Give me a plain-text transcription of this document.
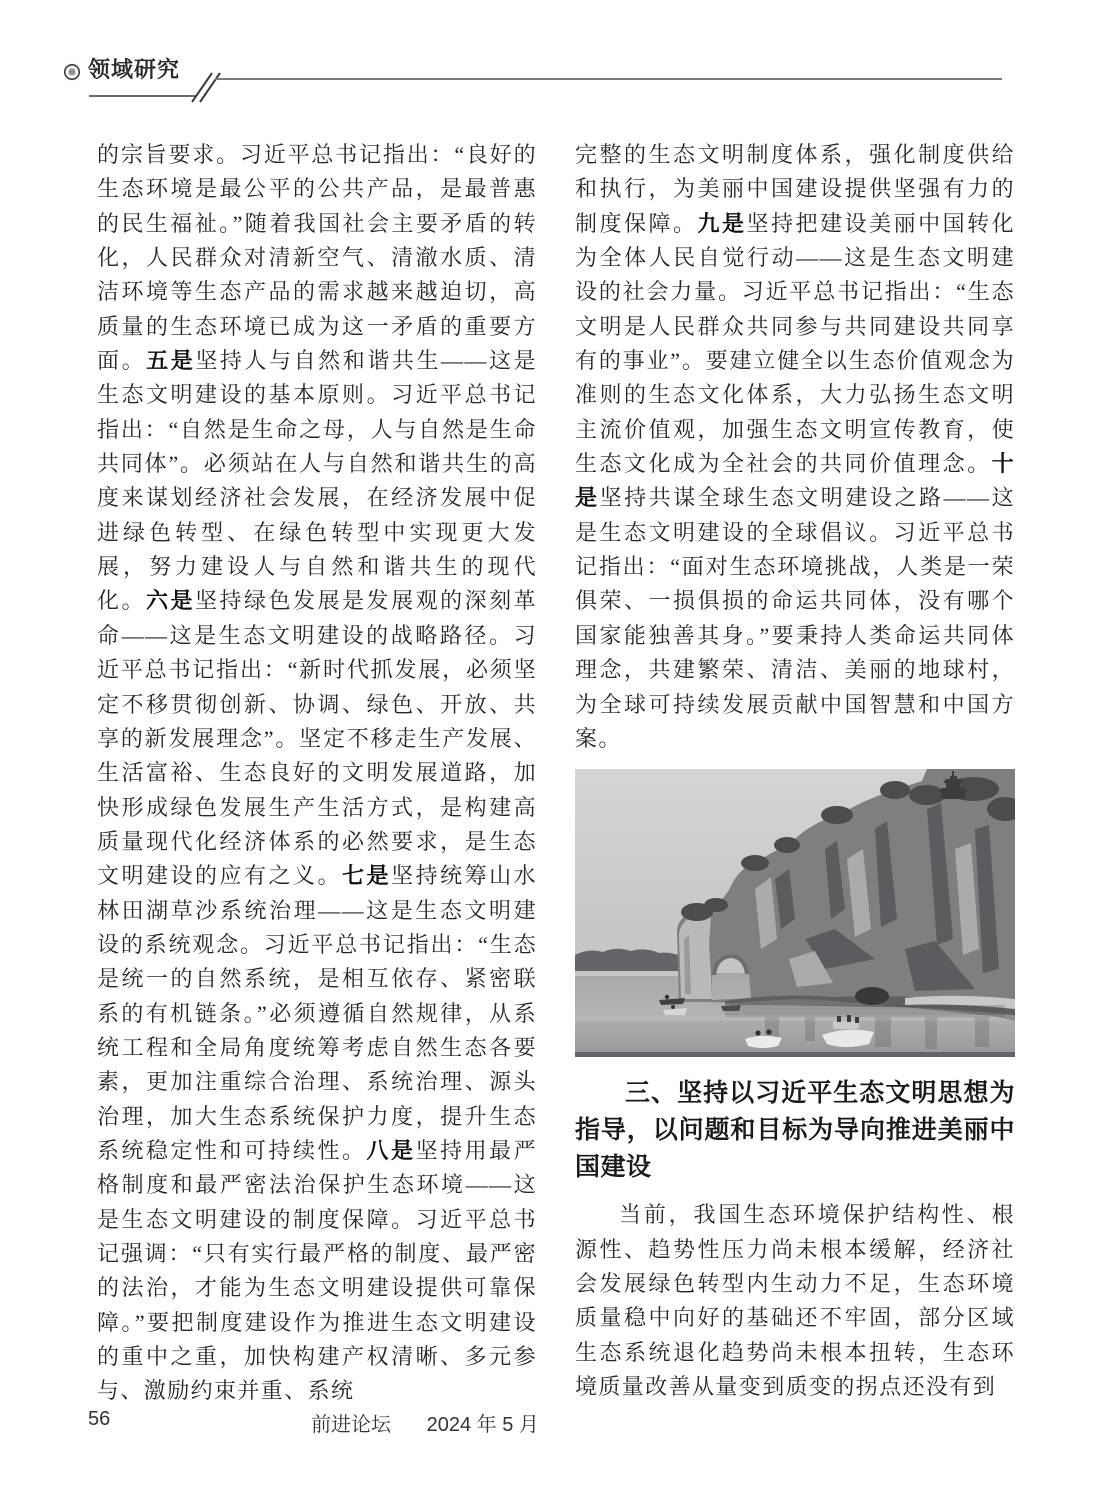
领域研究

的宗旨要求。习近平总书记指出：“良好的生态环境是最公平的公共产品，是最普惠的民生福祉。”随着我国社会主要矛盾的转化，人民群众对清新空气、清澈水质、清洁环境等生态产品的需求越来越迫切，高质量的生态环境已成为这一矛盾的重要方面。五是坚持人与自然和谐共生——这是生态文明建设的基本原则。习近平总书记指出：“自然是生命之母，人与自然是生命共同体”。必须站在人与自然和谐共生的高度来谋划经济社会发展，在经济发展中促进绿色转型、在绿色转型中实现更大发展，努力建设人与自然和谐共生的现代化。六是坚持绿色发展是发展观的深刻革命——这是生态文明建设的战略路径。习近平总书记指出：“新时代抓发展，必须坚定不移贯彻创新、协调、绿色、开放、共享的新发展理念”。坚定不移走生产发展、生活富裕、生态良好的文明发展道路，加快形成绿色发展生产生活方式，是构建高质量现代化经济体系的必然要求，是生态文明建设的应有之义。七是坚持统筹山水林田湖草沙系统治理——这是生态文明建设的系统观念。习近平总书记指出：“生态是统一的自然系统，是相互依存、紧密联系的有机链条。”必须遵循自然规律，从系统工程和全局角度统筹考虑自然生态各要素，更加注重综合治理、系统治理、源头治理，加大生态系统保护力度，提升生态系统稳定性和可持续性。八是坚持用最严格制度和最严密法治保护生态环境——这是生态文明建设的制度保障。习近平总书记强调：“只有实行最严格的制度、最严密的法治，才能为生态文明建设提供可靠保障。”要把制度建设作为推进生态文明建设的重中之重，加快构建产权清晰、多元参与、激励约束并重、系统

完整的生态文明制度体系，强化制度供给和执行，为美丽中国建设提供坚强有力的制度保障。九是坚持把建设美丽中国转化为全体人民自觉行动——这是生态文明建设的社会力量。习近平总书记指出：“生态文明是人民群众共同参与共同建设共同享有的事业”。要建立健全以生态价值观念为准则的生态文化体系，大力弘扬生态文明主流价值观，加强生态文明宣传教育，使生态文化成为全社会的共同价值理念。十是坚持共谋全球生态文明建设之路——这是生态文明建设的全球倡议。习近平总书记指出：“面对生态环境挑战，人类是一荣俱荣、一损俱损的命运共同体，没有哪个国家能独善其身。”要秉持人类命运共同体理念，共建繁荣、清洁、美丽的地球村，为全球可持续发展贡献中国智慧和中国方案。

三、坚持以习近平生态文明思想为指导，以问题和目标为导向推进美丽中国建设

当前，我国生态环境保护结构性、根源性、趋势性压力尚未根本缓解，经济社会发展绿色转型内生动力不足，生态环境质量稳中向好的基础还不牢固，部分区域生态系统退化趋势尚未根本扭转，生态环境质量改善从量变到质变的拐点还没有到

56	前进论坛 2024 年 5 月
